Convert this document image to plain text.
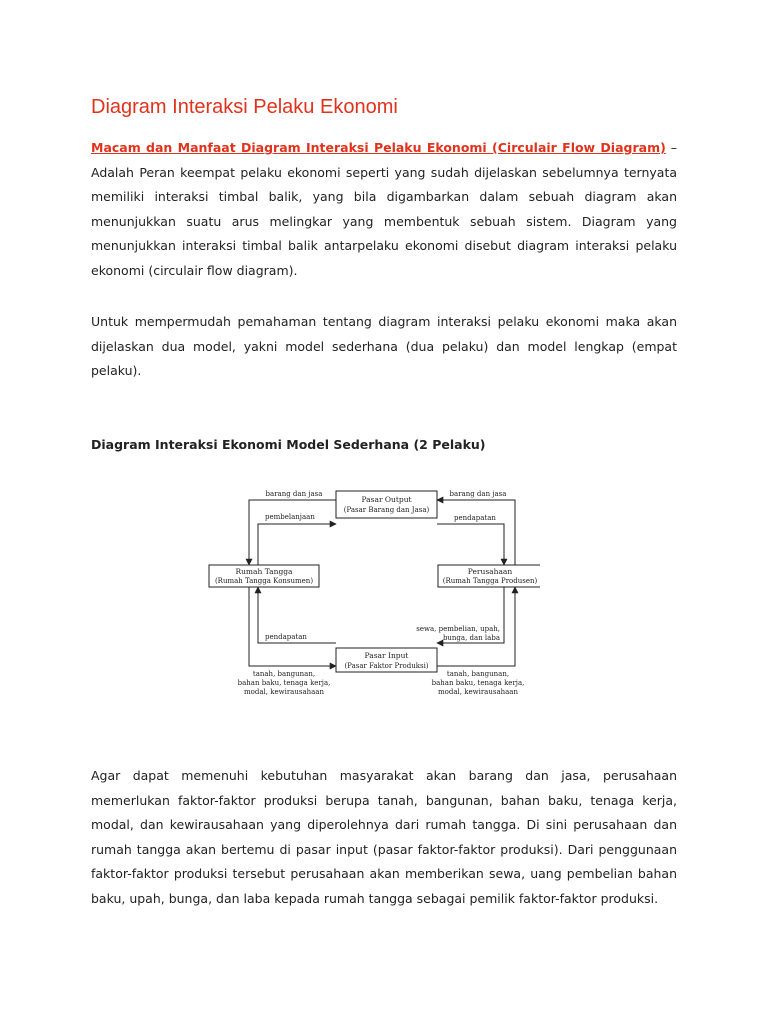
Diagram Interaksi Pelaku Ekonomi

Macam dan Manfaat Diagram Interaksi Pelaku Ekonomi (Circulair Flow Diagram) – Adalah Peran keempat pelaku ekonomi seperti yang sudah dijelaskan sebelumnya ternyata memiliki interaksi timbal balik, yang bila digambarkan dalam sebuah diagram akan menunjukkan suatu arus melingkar yang membentuk sebuah sistem. Diagram yang menunjukkan interaksi timbal balik antarpelaku ekonomi disebut diagram interaksi pelaku ekonomi (circulair flow diagram).

Untuk mempermudah pemahaman tentang diagram interaksi pelaku ekonomi maka akan dijelaskan dua model, yakni model sederhana (dua pelaku) dan model lengkap (empat pelaku).

Diagram Interaksi Ekonomi Model Sederhana (2 Pelaku)
Pasar Output
(Pasar Barang dan Jasa)
Rumah Tangga
(Rumah Tangga Konsumen)
Perusahaan
(Rumah Tangga Produsen)
Pasar Input
(Pasar Faktor Produksi)
barang dan jasa	barang dan jasa
pembelanjaan	pendapatan
pendapatan
sewa, pembelian, upah,
bunga, dan laba
tanah, bangunan,
bahan baku, tenaga kerja,
modal, kewirausahaan
tanah, bangunan,
bahan baku, tenaga kerja,
modal, kewirausahaan

Agar dapat memenuhi kebutuhan masyarakat akan barang dan jasa, perusahaan memerlukan faktor-faktor produksi berupa tanah, bangunan, bahan baku, tenaga kerja, modal, dan kewirausahaan yang diperolehnya dari rumah tangga. Di sini perusahaan dan rumah tangga akan bertemu di pasar input (pasar faktor-faktor produksi). Dari penggunaan faktor-faktor produksi tersebut perusahaan akan memberikan sewa, uang pembelian bahan baku, upah, bunga, dan laba kepada rumah tangga sebagai pemilik faktor-faktor produksi.
